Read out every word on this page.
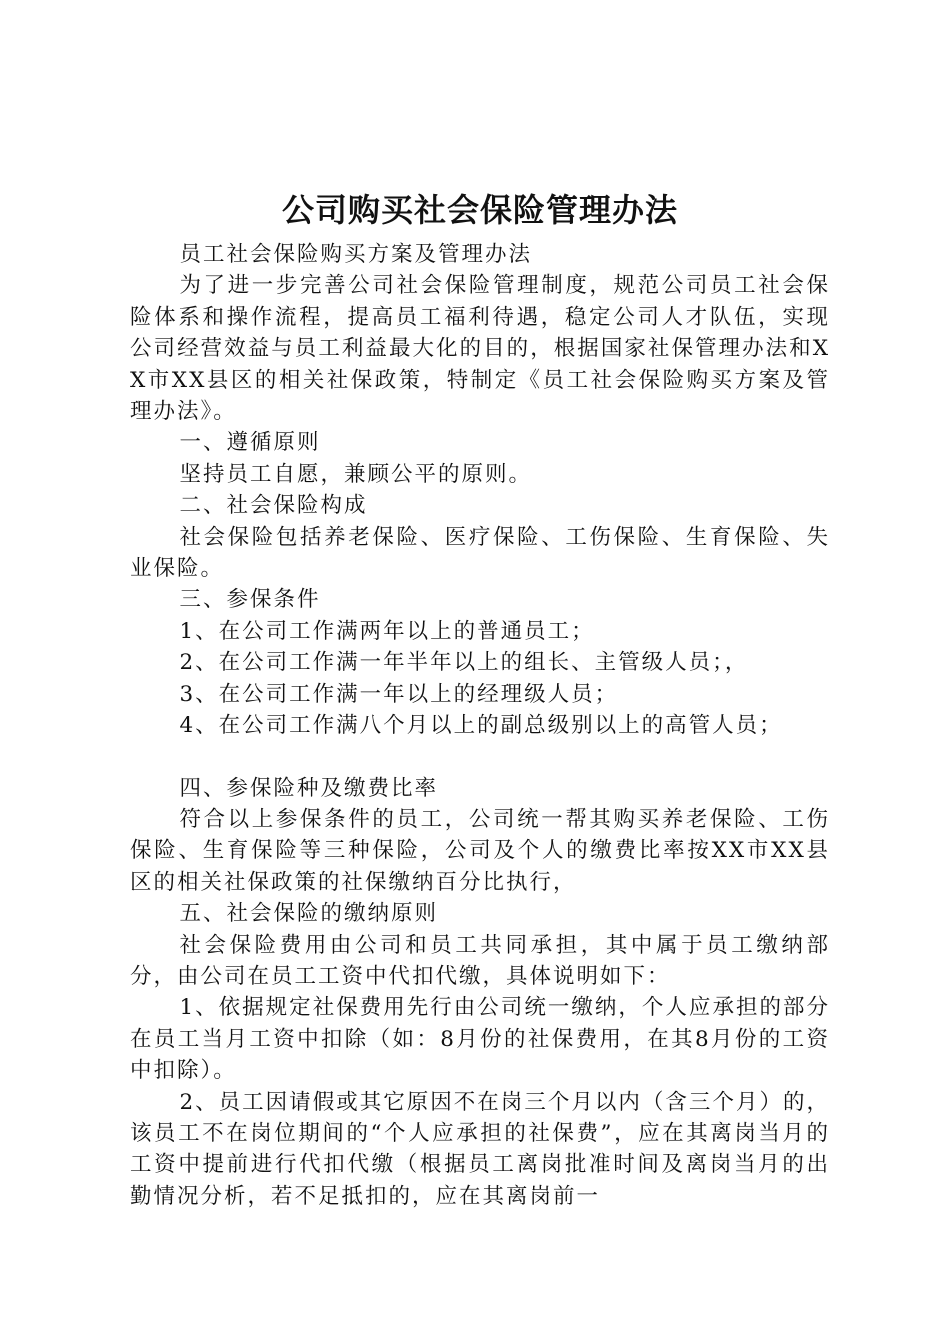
公司购买社会保险管理办法

员工社会保险购买方案及管理办法

为了进一步完善公司社会保险管理制度，规范公司员工社会保险体系和操作流程，提高员工福利待遇，稳定公司人才队伍，实现公司经营效益与员工利益最大化的目的，根据国家社保管理办法和XX市XX县区的相关社保政策，特制定《员工社会保险购买方案及管理办法》。

一、遵循原则

坚持员工自愿，兼顾公平的原则。

二、社会保险构成

社会保险包括养老保险、医疗保险、工伤保险、生育保险、失业保险。

三、参保条件

1、在公司工作满两年以上的普通员工；

2、在公司工作满一年半年以上的组长、主管级人员；，

3、在公司工作满一年以上的经理级人员；

4、在公司工作满八个月以上的副总级别以上的高管人员；

四、参保险种及缴费比率

符合以上参保条件的员工，公司统一帮其购买养老保险、工伤保险、生育保险等三种保险，公司及个人的缴费比率按XX市XX县区的相关社保政策的社保缴纳百分比执行，

五、社会保险的缴纳原则

社会保险费用由公司和员工共同承担，其中属于员工缴纳部分，由公司在员工工资中代扣代缴，具体说明如下：

1、依据规定社保费用先行由公司统一缴纳，个人应承担的部分在员工当月工资中扣除（如：8月份的社保费用，在其8月份的工资中扣除）。

2、员工因请假或其它原因不在岗三个月以内（含三个月）的，该员工不在岗位期间的“个人应承担的社保费”，应在其离岗当月的工资中提前进行代扣代缴（根据员工离岗批准时间及离岗当月的出勤情况分析，若不足抵扣的，应在其离岗前一
